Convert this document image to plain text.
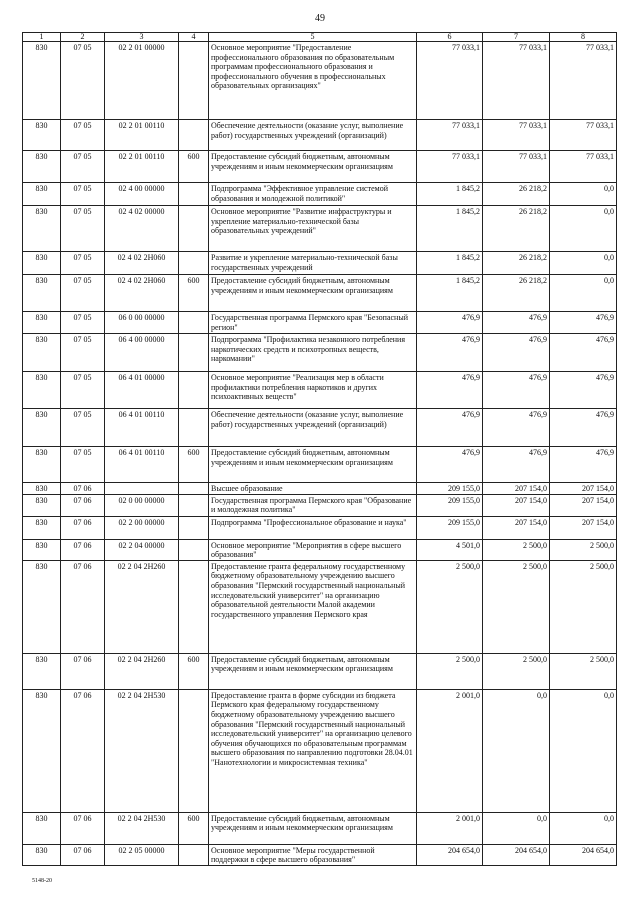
49
1	2	3	4	5	6	7	8
830	07 05	02 2 01 00000		Основное мероприятие "Предоставление профессионального образования по образовательным программам профессионального образования и профессионального обучения в профессиональных образовательных организациях"	77 033,1	77 033,1	77 033,1
830	07 05	02 2 01 00110		Обеспечение деятельности (оказание услуг, выполнение работ) государственных учреждений (организаций)	77 033,1	77 033,1	77 033,1
830	07 05	02 2 01 00110	600	Предоставление субсидий бюджетным, автономным учреждениям и иным некоммерческим организациям	77 033,1	77 033,1	77 033,1
830	07 05	02 4 00 00000		Подпрограмма "Эффективное управление системой образования и молодежной политикой"	1 845,2	26 218,2	0,0
830	07 05	02 4 02 00000		Основное мероприятие "Развитие инфраструктуры и укрепление материально-технической базы образовательных учреждений"	1 845,2	26 218,2	0,0
830	07 05	02 4 02 2Н060		Развитие и укрепление материально-технической базы государственных учреждений	1 845,2	26 218,2	0,0
830	07 05	02 4 02 2Н060	600	Предоставление субсидий бюджетным, автономным учреждениям и иным некоммерческим организациям	1 845,2	26 218,2	0,0
830	07 05	06 0 00 00000		Государственная программа Пермского края "Безопасный регион"	476,9	476,9	476,9
830	07 05	06 4 00 00000		Подпрограмма "Профилактика незаконного потребления наркотических средств и психотропных веществ, наркомании"	476,9	476,9	476,9
830	07 05	06 4 01 00000		Основное мероприятие "Реализация мер в области профилактики потребления наркотиков и других психоактивных веществ"	476,9	476,9	476,9
830	07 05	06 4 01 00110		Обеспечение деятельности (оказание услуг, выполнение работ) государственных учреждений (организаций)	476,9	476,9	476,9
830	07 05	06 4 01 00110	600	Предоставление субсидий бюджетным, автономным учреждениям и иным некоммерческим организациям	476,9	476,9	476,9
830	07 06			Высшее образование	209 155,0	207 154,0	207 154,0
830	07 06	02 0 00 00000		Государственная программа Пермского края "Образование и молодежная политика"	209 155,0	207 154,0	207 154,0
830	07 06	02 2 00 00000		Подпрограмма "Профессиональное образование и наука"	209 155,0	207 154,0	207 154,0
830	07 06	02 2 04 00000		Основное мероприятие "Мероприятия в сфере высшего образования"	4 501,0	2 500,0	2 500,0
830	07 06	02 2 04 2Н260		Предоставление гранта федеральному государственному бюджетному образовательному учреждению высшего образования "Пермский государственный национальный исследовательский университет" на организацию образовательной деятельности Малой академии государственного управления Пермского края	2 500,0	2 500,0	2 500,0
830	07 06	02 2 04 2Н260	600	Предоставление субсидий бюджетным, автономным учреждениям и иным некоммерческим организациям	2 500,0	2 500,0	2 500,0
830	07 06	02 2 04 2Н530		Предоставление гранта в форме субсидии из бюджета Пермского края федеральному государственному бюджетному образовательному учреждению высшего образования "Пермский государственный национальный исследовательский университет" на организацию целевого обучения обучающихся по образовательным программам высшего образования по направлению подготовки 28.04.01 "Нанотехнологии и микросистемная техника"	2 001,0	0,0	0,0
830	07 06	02 2 04 2Н530	600	Предоставление субсидий бюджетным, автономным учреждениям и иным некоммерческим организациям	2 001,0	0,0	0,0
830	07 06	02 2 05 00000		Основное мероприятие "Меры государственной поддержки в сфере высшего образования"	204 654,0	204 654,0	204 654,0
5148-20
